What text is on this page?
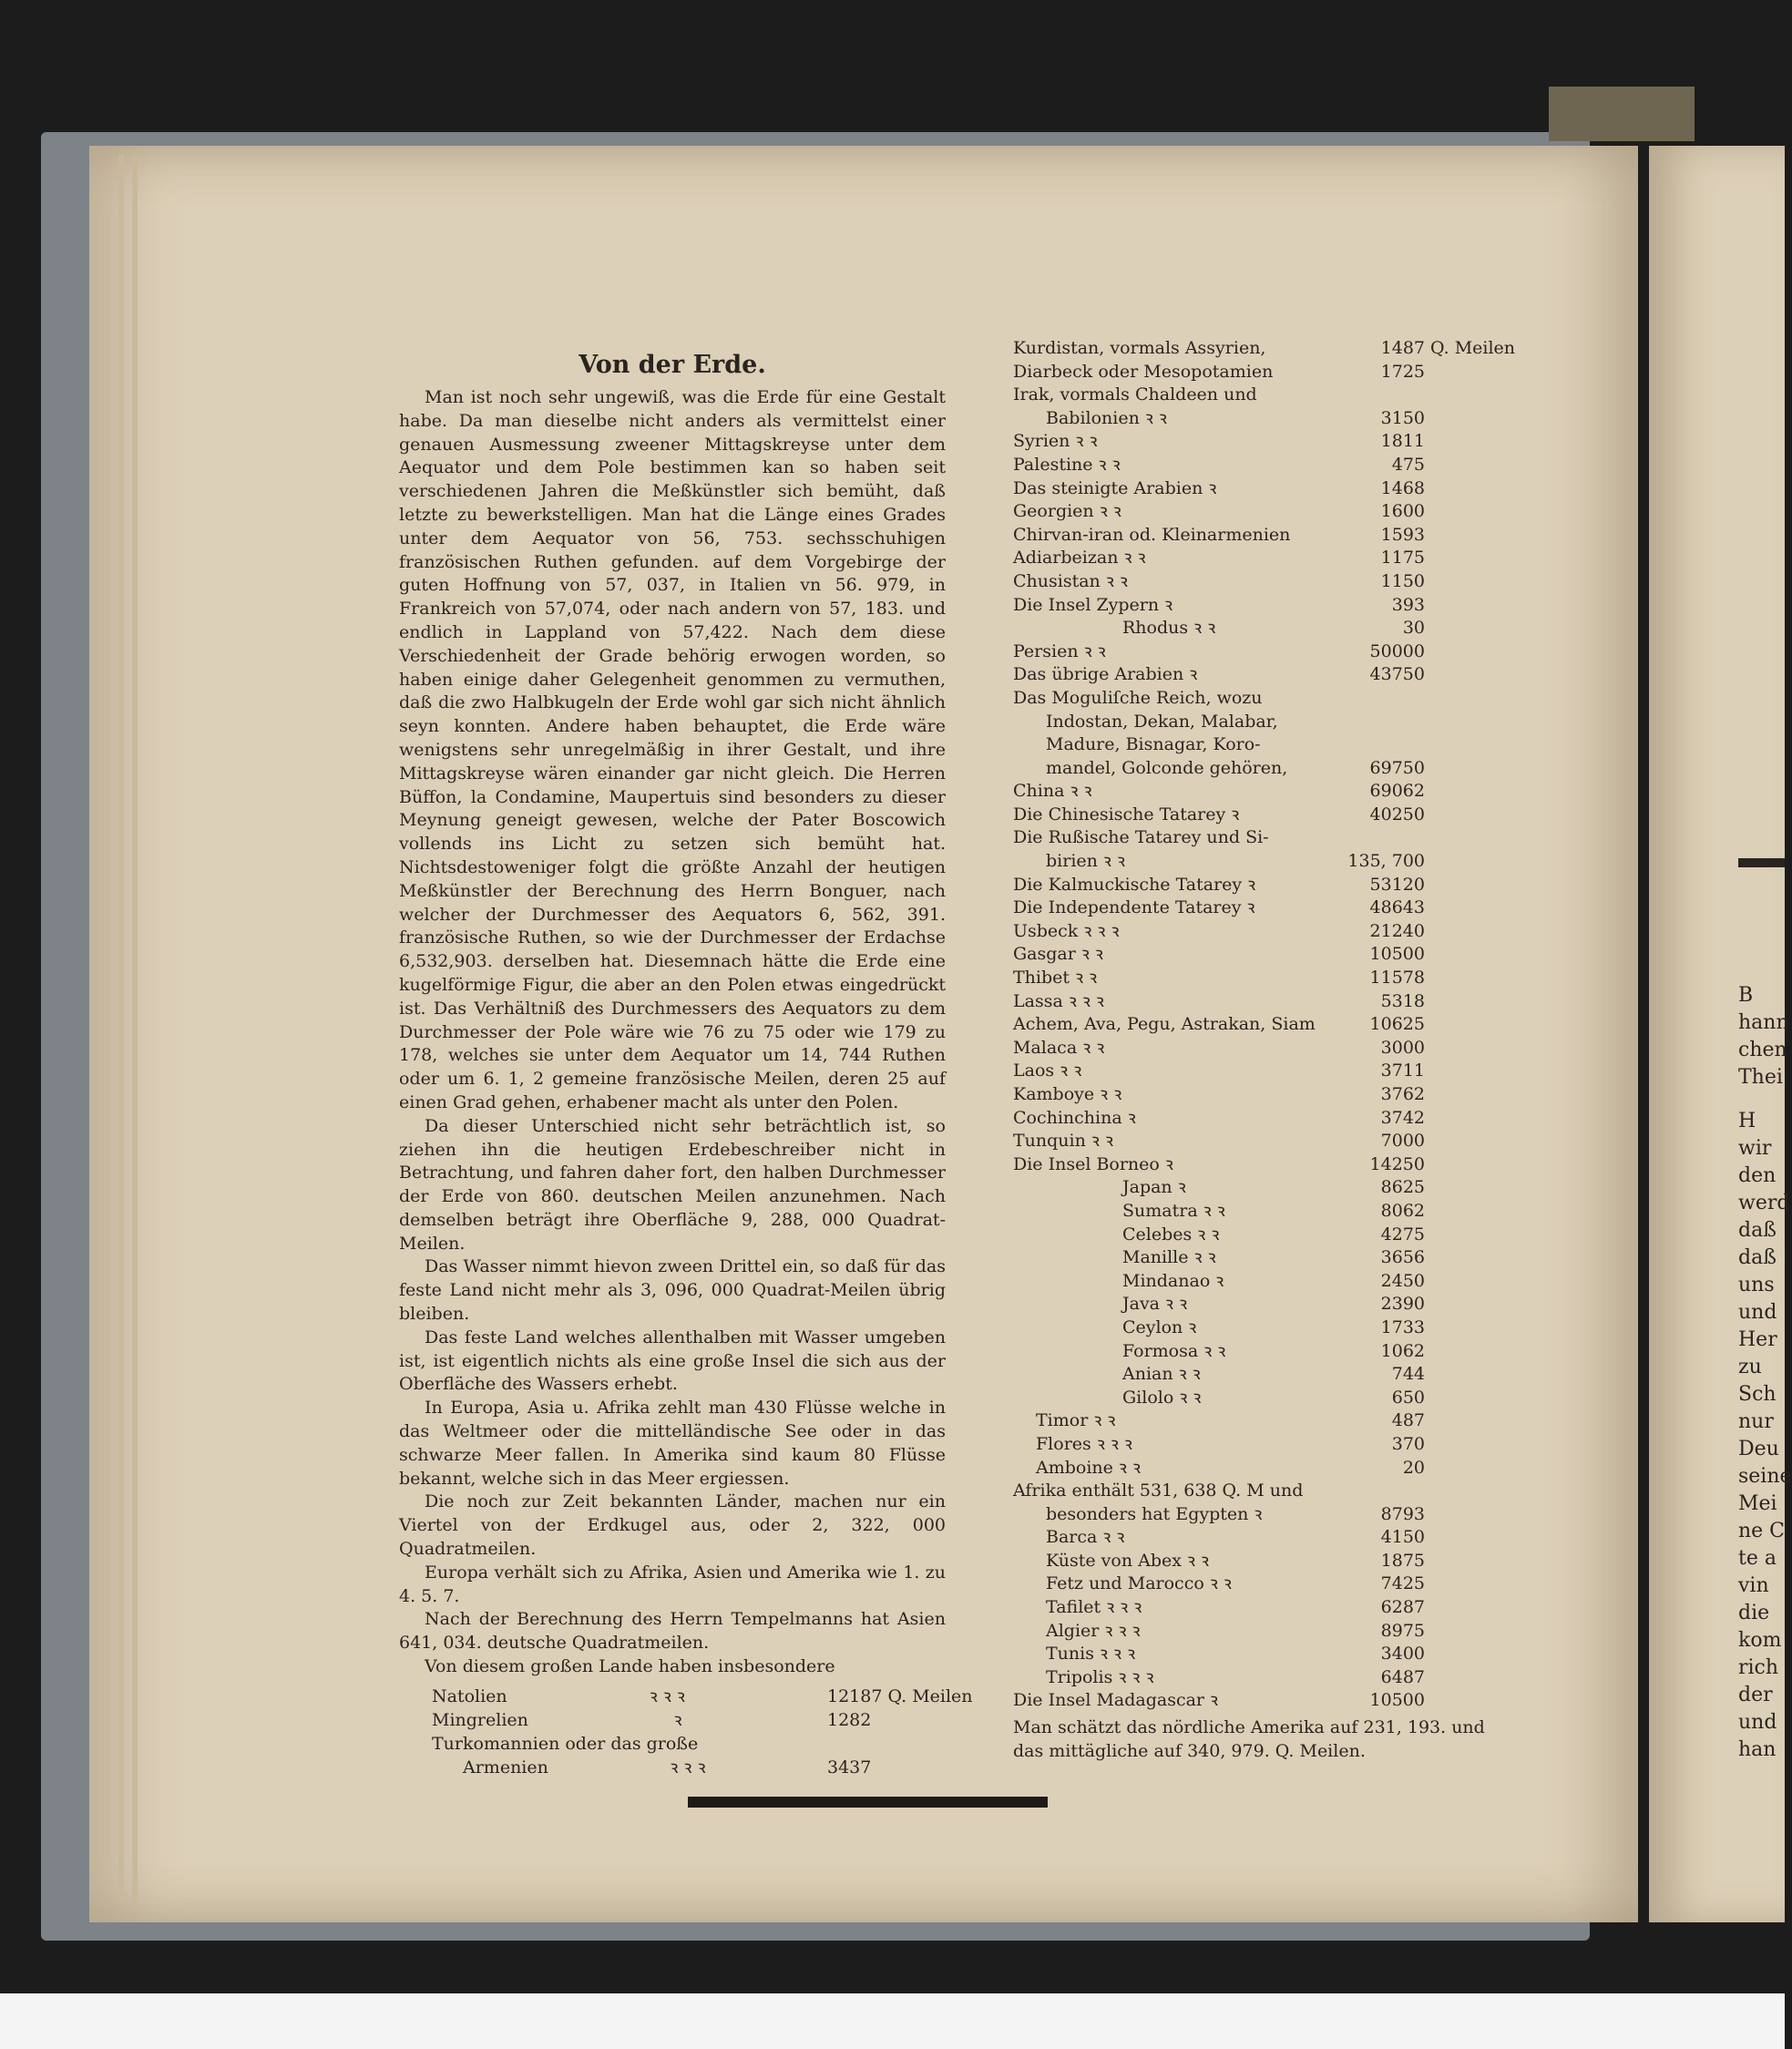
B
hann
chen
Thei
H
wir
den
werd
daß
daß
uns
und
Her
zu
Sch
nur
Deu
seine
Mei
ne C
te a
vin
die
kom
rich
der
und
han
Von der Erde.

Man ist noch sehr ungewiß, was die Erde für eine Gestalt habe. Da man dieselbe nicht anders als vermittelst einer genauen Ausmessung zweener Mittagskreyse unter dem Aequator und dem Pole bestimmen kan so haben seit verschiedenen Jahren die Meßkünstler sich bemüht, daß letzte zu bewerkstelligen. Man hat die Länge eines Grades unter dem Aequator von 56, 753. sechsschuhigen französischen Ruthen gefunden. auf dem Vorgebirge der guten Hoffnung von 57, 037, in Italien vn 56. 979, in Frankreich von 57,074, oder nach andern von 57, 183. und endlich in Lappland von 57,422. Nach dem diese Verschiedenheit der Grade behörig erwogen worden, so haben einige daher Gelegenheit genommen zu vermuthen, daß die zwo Halbkugeln der Erde wohl gar sich nicht ähnlich seyn konnten. Andere haben behauptet, die Erde wäre wenigstens sehr unregelmäßig in ihrer Gestalt, und ihre Mittagskreyse wären einander gar nicht gleich. Die Herren Büffon, la Condamine, Maupertuis sind besonders zu dieser Meynung geneigt gewesen, welche der Pater Boscowich vollends ins Licht zu setzen sich bemüht hat. Nichtsdestoweniger folgt die größte Anzahl der heutigen Meßkünstler der Berechnung des Herrn Bonguer, nach welcher der Durchmesser des Aequators 6, 562, 391. französische Ruthen, so wie der Durchmesser der Erdachse 6,532,903. derselben hat. Diesemnach hätte die Erde eine kugelförmige Figur, die aber an den Polen etwas eingedrückt ist. Das Verhältniß des Durchmessers des Aequators zu dem Durchmesser der Pole wäre wie 76 zu 75 oder wie 179 zu 178, welches sie unter dem Aequator um 14, 744 Ruthen oder um 6. 1, 2 gemeine französische Meilen, deren 25 auf einen Grad gehen, erhabener macht als unter den Polen.

Da dieser Unterschied nicht sehr beträchtlich ist, so ziehen ihn die heutigen Erdebeschreiber nicht in Betrachtung, und fahren daher fort, den halben Durchmesser der Erde von 860. deutschen Meilen anzunehmen. Nach demselben beträgt ihre Oberfläche 9, 288, 000 Quadrat-Meilen.

Das Wasser nimmt hievon zween Drittel ein, so daß für das feste Land nicht mehr als 3, 096, 000 Quadrat-Meilen übrig bleiben.

Das feste Land welches allenthalben mit Wasser umgeben ist, ist eigentlich nichts als eine große Insel die sich aus der Oberfläche des Wassers erhebt.

In Europa, Asia u. Afrika zehlt man 430 Flüsse welche in das Weltmeer oder die mittelländische See oder in das schwarze Meer fallen. In Amerika sind kaum 80 Flüsse bekannt, welche sich in das Meer ergiessen.

Die noch zur Zeit bekannten Länder, machen nur ein Viertel von der Erdkugel aus, oder 2, 322, 000 Quadratmeilen.

Europa verhält sich zu Afrika, Asien und Amerika wie 1. zu 4. 5. 7.

Nach der Berechnung des Herrn Tempelmanns hat Asien 641, 034. deutsche Quadratmeilen.

Von diesem großen Lande haben insbesondere

Natolien	ꝛ ꝛ ꝛ	12187 Q. Meilen
Mingrelien	ꝛ	1282
Turkomannien oder das große
Armenien	ꝛ ꝛ ꝛ	3437
Kurdistan, vormals Assyrien,	1487 Q. Meilen
Diarbeck oder Mesopotamien	1725
Irak, vormals Chaldeen und
Babilonien ꝛ ꝛ	3150
Syrien ꝛ ꝛ	1811
Palestine ꝛ ꝛ	475
Das steinigte Arabien ꝛ	1468
Georgien ꝛ ꝛ	1600
Chirvan-iran od. Kleinarmenien	1593
Adiarbeizan ꝛ ꝛ	1175
Chusistan ꝛ ꝛ	1150
Die Insel Zypern ꝛ	393
Rhodus ꝛ ꝛ	30
Persien ꝛ ꝛ	50000
Das übrige Arabien ꝛ	43750
Das Moguliſche Reich, wozu
Indostan, Dekan, Malabar,
Madure, Bisnagar, Koro-
mandel, Golconde gehören,	69750
China ꝛ ꝛ	69062
Die Chinesische Tatarey ꝛ	40250
Die Rußische Tatarey und Si-
birien ꝛ ꝛ	135, 700
Die Kalmuckische Tatarey ꝛ	53120
Die Independente Tatarey ꝛ	48643
Usbeck ꝛ ꝛ ꝛ	21240
Gasgar ꝛ ꝛ	10500
Thibet ꝛ ꝛ	11578
Lassa ꝛ ꝛ ꝛ	5318
Achem, Ava, Pegu, Astrakan, Siam	10625
Malaca ꝛ ꝛ	3000
Laos ꝛ ꝛ	3711
Kamboye ꝛ ꝛ	3762
Cochinchina ꝛ	3742
Tunquin ꝛ ꝛ	7000
Die Insel Borneo ꝛ	14250
Japan ꝛ	8625
Sumatra ꝛ ꝛ	8062
Celebes ꝛ ꝛ	4275
Manille ꝛ ꝛ	3656
Mindanao ꝛ	2450
Java ꝛ ꝛ	2390
Ceylon ꝛ	1733
Formosa ꝛ ꝛ	1062
Anian ꝛ ꝛ	744
Gilolo ꝛ ꝛ	650
Timor ꝛ ꝛ	487
Flores ꝛ ꝛ ꝛ	370
Amboine ꝛ ꝛ	20
Afrika enthält 531, 638 Q. M und
besonders hat Egypten ꝛ	8793
Barca ꝛ ꝛ	4150
Küste von Abex ꝛ ꝛ	1875
Fetz und Marocco ꝛ ꝛ	7425
Tafilet ꝛ ꝛ ꝛ	6287
Algier ꝛ ꝛ ꝛ	8975
Tunis ꝛ ꝛ ꝛ	3400
Tripolis ꝛ ꝛ ꝛ	6487
Die Insel Madagascar ꝛ	10500
Man schätzt das nördliche Amerika auf 231, 193. und das mittägliche auf 340, 979. Q. Meilen.
